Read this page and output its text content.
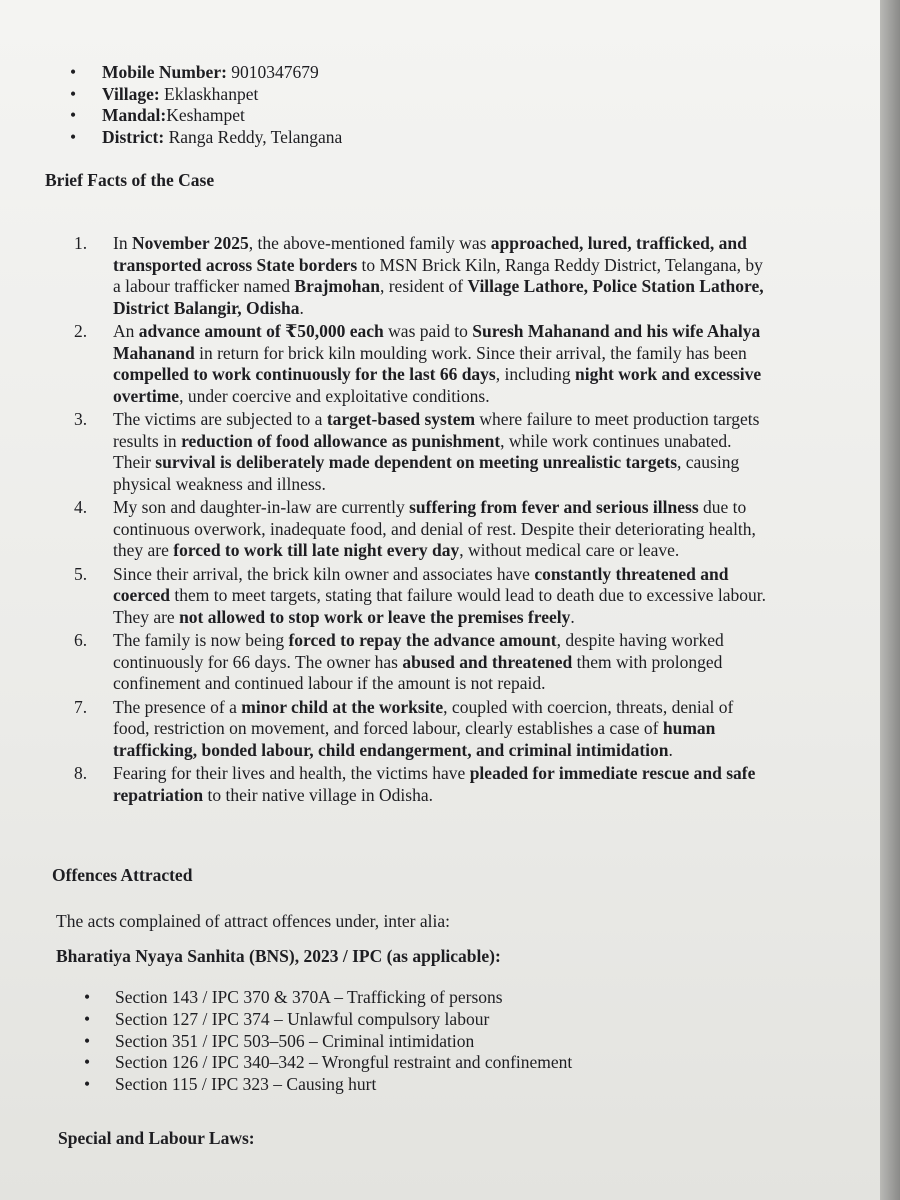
• Mobile Number: 9010347679
• Village: Eklaskhanpet
• Mandal:Keshampet
• District: Ranga Reddy, Telangana
Brief Facts of the Case
1. In November 2025, the above-mentioned family was approached, lured, trafficked, and transported across State borders to MSN Brick Kiln, Ranga Reddy District, Telangana, by a labour trafficker named Brajmohan, resident of Village Lathore, Police Station Lathore, District Balangir, Odisha.
2. An advance amount of ₹50,000 each was paid to Suresh Mahanand and his wife Ahalya Mahanand in return for brick kiln moulding work. Since their arrival, the family has been compelled to work continuously for the last 66 days, including night work and excessive overtime, under coercive and exploitative conditions.
3. The victims are subjected to a target-based system where failure to meet production targets results in reduction of food allowance as punishment, while work continues unabated. Their survival is deliberately made dependent on meeting unrealistic targets, causing physical weakness and illness.
4. My son and daughter-in-law are currently suffering from fever and serious illness due to continuous overwork, inadequate food, and denial of rest. Despite their deteriorating health, they are forced to work till late night every day, without medical care or leave.
5. Since their arrival, the brick kiln owner and associates have constantly threatened and coerced them to meet targets, stating that failure would lead to death due to excessive labour. They are not allowed to stop work or leave the premises freely.
6. The family is now being forced to repay the advance amount, despite having worked continuously for 66 days. The owner has abused and threatened them with prolonged confinement and continued labour if the amount is not repaid.
7. The presence of a minor child at the worksite, coupled with coercion, threats, denial of food, restriction on movement, and forced labour, clearly establishes a case of human trafficking, bonded labour, child endangerment, and criminal intimidation.
8. Fearing for their lives and health, the victims have pleaded for immediate rescue and safe repatriation to their native village in Odisha.
Offences Attracted
The acts complained of attract offences under, inter alia:
Bharatiya Nyaya Sanhita (BNS), 2023 / IPC (as applicable):
• Section 143 / IPC 370 & 370A – Trafficking of persons
• Section 127 / IPC 374 – Unlawful compulsory labour
• Section 351 / IPC 503–506 – Criminal intimidation
• Section 126 / IPC 340–342 – Wrongful restraint and confinement
• Section 115 / IPC 323 – Causing hurt
Special and Labour Laws:
